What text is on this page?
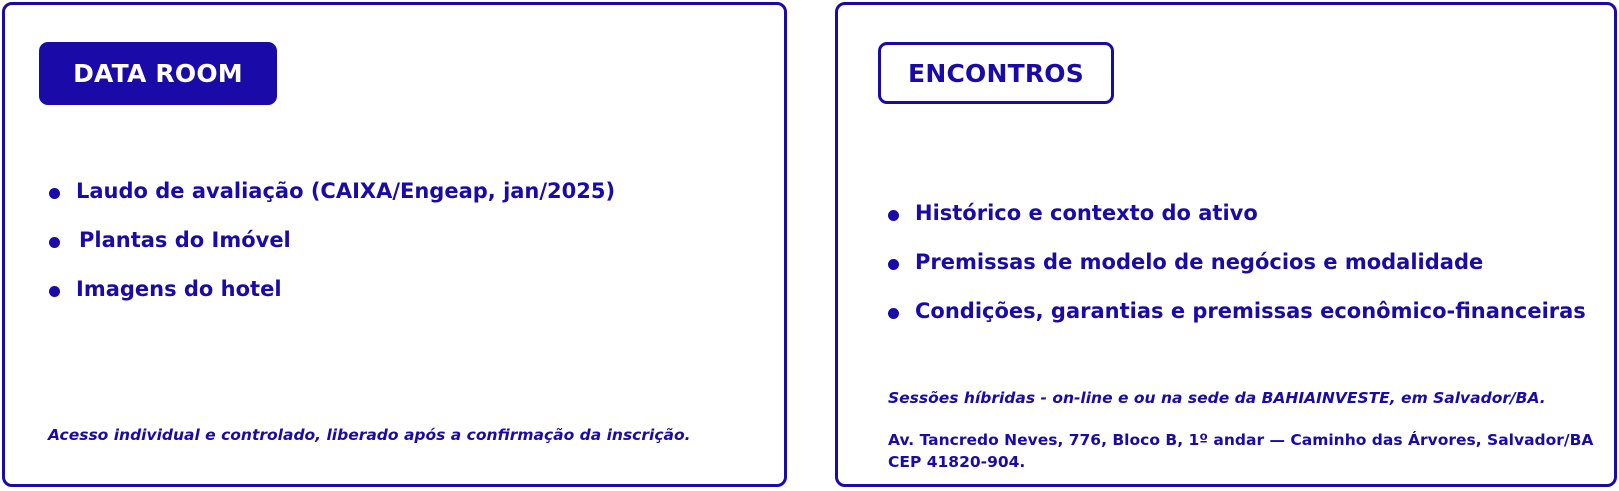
DATA ROOM
Laudo de avaliação (CAIXA/Engeap, jan/2025)
Plantas do Imóvel
Imagens do hotel
Acesso individual e controlado, liberado após a confirmação da inscrição.
ENCONTROS
Histórico e contexto do ativo
Premissas de modelo de negócios e modalidade
Condições, garantias e premissas econômico-financeiras
Sessões híbridas - on-line e ou na sede da BAHIAINVESTE, em Salvador/BA.
Av. Tancredo Neves, 776, Bloco B, 1º andar — Caminho das Árvores, Salvador/BA
CEP 41820-904.
